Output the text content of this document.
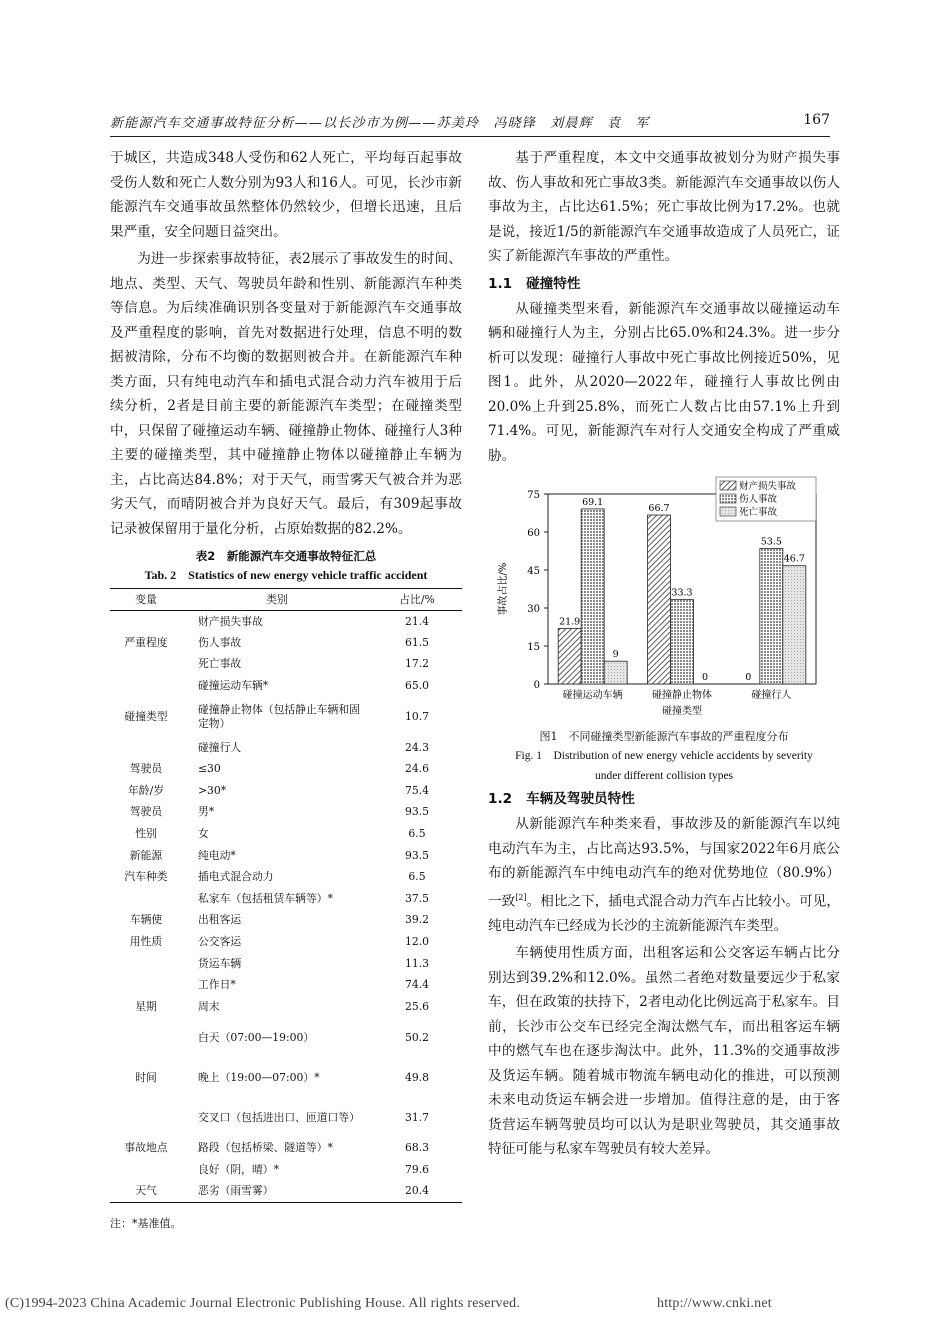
新能源汽车交通事故特征分析——以长沙市为例——苏美玲　冯晓锋　刘晨辉　袁　军	167

于城区，共造成348人受伤和62人死亡，平均每百起事故受伤人数和死亡人数分别为93人和16人。可见，长沙市新能源汽车交通事故虽然整体仍然较少，但增长迅速，且后果严重，安全问题日益突出。

为进一步探索事故特征，表2展示了事故发生的时间、地点、类型、天气、驾驶员年龄和性别、新能源汽车种类等信息。为后续准确识别各变量对于新能源汽车交通事故及严重程度的影响，首先对数据进行处理，信息不明的数据被清除，分布不均衡的数据则被合并。在新能源汽车种类方面，只有纯电动汽车和插电式混合动力汽车被用于后续分析，2者是目前主要的新能源汽车类型；在碰撞类型中，只保留了碰撞运动车辆、碰撞静止物体、碰撞行人3种主要的碰撞类型，其中碰撞静止物体以碰撞静止车辆为主，占比高达84.8%；对于天气，雨雪雾天气被合并为恶劣天气，而晴阴被合并为良好天气。最后，有309起事故记录被保留用于量化分析，占原始数据的82.2%。

表2　新能源汽车交通事故特征汇总
Tab. 2　Statistics of new energy vehicle traffic accident
变量	类别	占比/%
	财产损失事故	21.4
严重程度	伤人事故	61.5
	死亡事故	17.2
	碰撞运动车辆*	65.0
碰撞类型	碰撞静止物体（包括静止车辆和固定物）	10.7
	碰撞行人	24.3
驾驶员	≤30	24.6
年龄/岁	>30*	75.4
驾驶员	男*	93.5
性别	女	6.5
新能源	纯电动*	93.5
汽车种类	插电式混合动力	6.5
	私家车（包括租赁车辆等）*	37.5
车辆使	出租客运	39.2
用性质	公交客运	12.0
	货运车辆	11.3
	工作日*	74.4
星期	周末	25.6
	白天（07:00—19:00）	50.2
时间	晚上（19:00—07:00）*	49.8
	交叉口（包括进出口、匝道口等）	31.7
事故地点	路段（包括桥梁、隧道等）*	68.3
	良好（阴，晴）*	79.6
天气	恶劣（雨雪雾）	20.4
注：*基准值。

基于严重程度，本文中交通事故被划分为财产损失事故、伤人事故和死亡事故3类。新能源汽车交通事故以伤人事故为主，占比达61.5%；死亡事故比例为17.2%。也就是说，接近1/5的新能源汽车交通事故造成了人员死亡，证实了新能源汽车事故的严重性。

1.1 碰撞特性

从碰撞类型来看，新能源汽车交通事故以碰撞运动车辆和碰撞行人为主，分别占比65.0%和24.3%。进一步分析可以发现：碰撞行人事故中死亡事故比例接近50%，见图1。此外，从2020—2022年，碰撞行人事故比例由20.0%上升到25.8%，而死亡人数占比由57.1%上升到71.4%。可见，新能源汽车对行人交通安全构成了严重威胁。

0
15
30
45
60
75
事故占比/%
21.9
69.1
9
碰撞运动车辆
66.7
33.3
0
碰撞静止物体
0
53.5
46.7
碰撞行人
碰撞类型
财产损失事故
伤人事故
死亡事故
图1　不同碰撞类型新能源汽车事故的严重程度分布
Fig. 1　Distribution of new energy vehicle accidents by severity
under different collision types
1.2 车辆及驾驶员特性

从新能源汽车种类来看，事故涉及的新能源汽车以纯电动汽车为主，占比高达93.5%，与国家2022年6月底公布的新能源汽车中纯电动汽车的绝对优势地位（80.9%）一致[2]。相比之下，插电式混合动力汽车占比较小。可见，纯电动汽车已经成为长沙的主流新能源汽车类型。

车辆使用性质方面，出租客运和公交客运车辆占比分别达到39.2%和12.0%。虽然二者绝对数量要远少于私家车，但在政策的扶持下，2者电动化比例远高于私家车。目前，长沙市公交车已经完全淘汰燃气车，而出租客运车辆中的燃气车也在逐步淘汰中。此外，11.3%的交通事故涉及货运车辆。随着城市物流车辆电动化的推进，可以预测未来电动货运车辆会进一步增加。值得注意的是，由于客货营运车辆驾驶员均可以认为是职业驾驶员，其交通事故特征可能与私家车驾驶员有较大差异。

(C)1994-2023 China Academic Journal Electronic Publishing House. All rights reserved.	http://www.cnki.net
